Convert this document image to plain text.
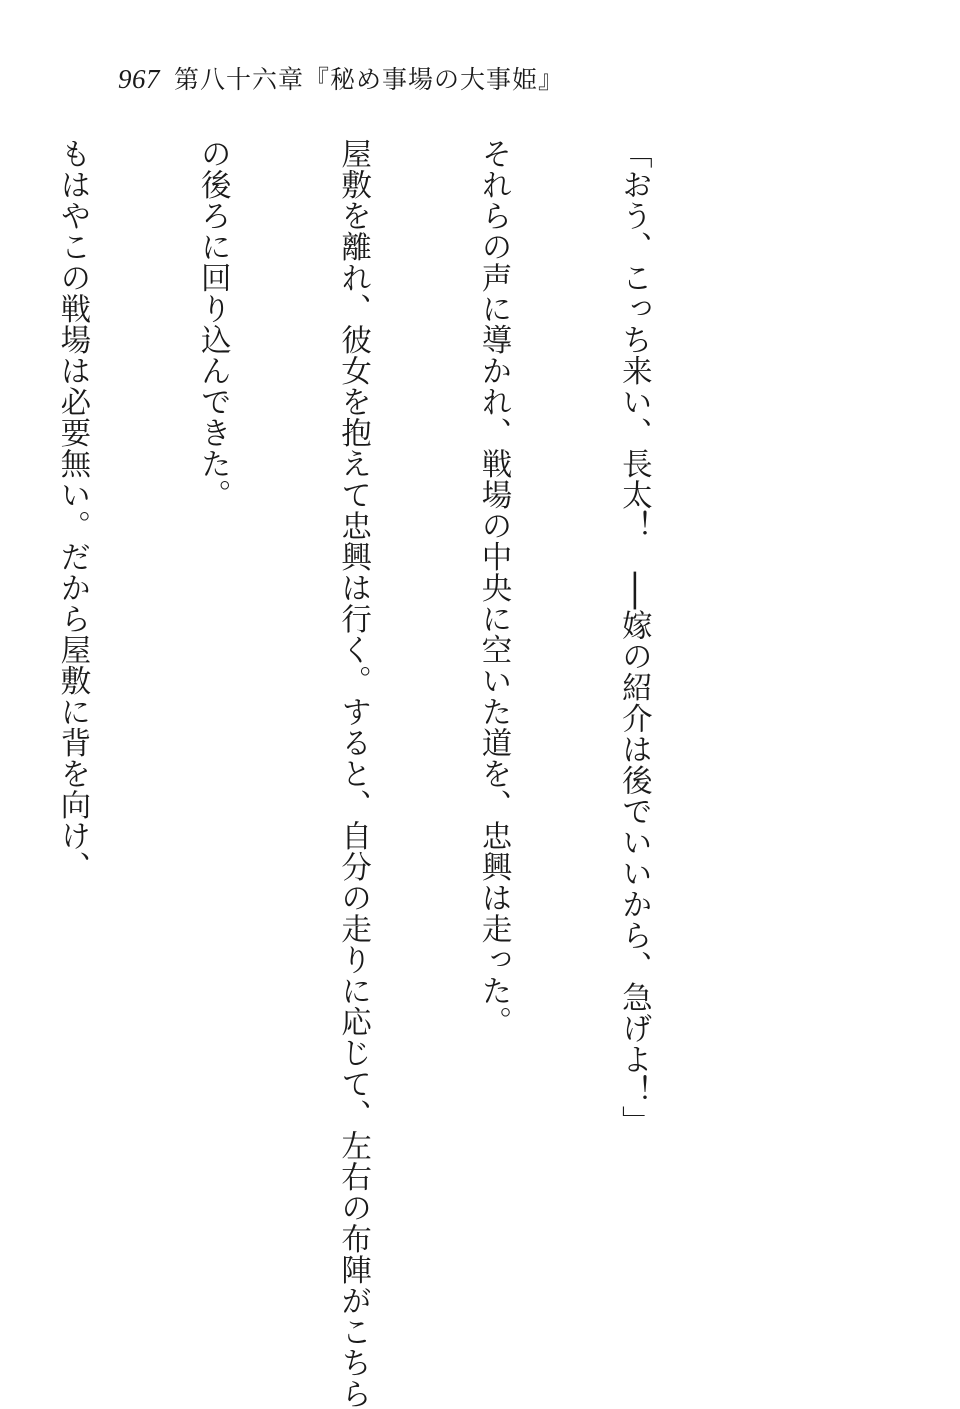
967 第八十六章『秘め事場の大事姫』

「おう、こっち来い、長太！　──嫁の紹介は後でいいから、急げよ！」

それらの声に導かれ、戦場の中央に空いた道を、忠興は走った。

屋敷を離れ、彼女を抱えて忠興は行く。すると、自分の走りに応じて、左右の布陣がこちら

の後ろに回り込んできた。

もはやこの戦場は必要無い。だから屋敷に背を向け、
